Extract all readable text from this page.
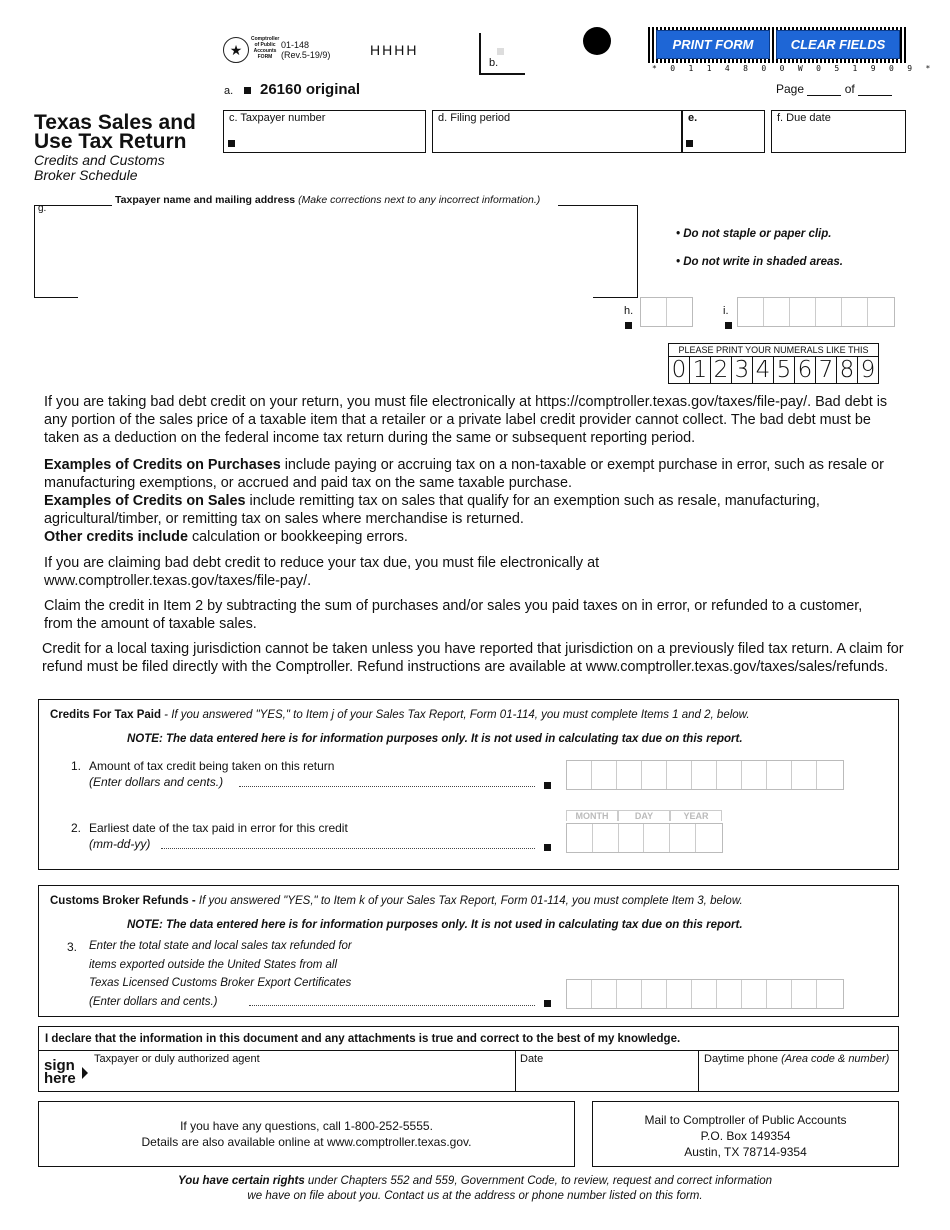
★
Comptroller of Public Accounts FORM
01-148
(Rev.5-19/9)	HHHH
b.
PRINT FORM	CLEAR FIELDS
* 0 1 1 4 8 0 0 W 0 5 1 9 0 9 *
a. 26160 original	Page	of
Texas Sales and
Use Tax Return
Credits and Customs
Broker Schedule
c. Taxpayer number	d. Filing period	e.	f. Due date
Taxpayer name and mailing address (Make corrections next to any incorrect information.)
g.
• Do not staple or paper clip.
• Do not write in shaded areas.
h.	i.
PLEASE PRINT YOUR NUMERALS LIKE THIS
0 1 2 3 4 5 6 7 8 9
If you are taking bad debt credit on your return, you must file electronically at https://comptroller.texas.gov/taxes/file-pay/. Bad debt is any portion of the sales price of a taxable item that a retailer or a private label credit provider cannot collect. The bad debt must be taken as a deduction on the federal income tax return during the same or subsequent reporting period.
Examples of Credits on Purchases include paying or accruing tax on a non-taxable or exempt purchase in error, such as resale or manufacturing exemptions, or accrued and paid tax on the same taxable purchase.
Examples of Credits on Sales include remitting tax on sales that qualify for an exemption such as resale, manufacturing, agricultural/timber, or remitting tax on sales where merchandise is returned.
Other credits include calculation or bookkeeping errors.
If you are claiming bad debt credit to reduce your tax due, you must file electronically at www.comptroller.texas.gov/taxes/file-pay/.
Claim the credit in Item 2 by subtracting the sum of purchases and/or sales you paid taxes on in error, or refunded to a customer, from the amount of taxable sales.
Credit for a local taxing jurisdiction cannot be taken unless you have reported that jurisdiction on a previously filed tax return. A claim for refund must be filed directly with the Comptroller. Refund instructions are available at www.comptroller.texas.gov/taxes/sales/refunds.
Credits For Tax Paid - If you answered "YES," to Item j of your Sales Tax Report, Form 01-114, you must complete Items 1 and 2, below.
NOTE: The data entered here is for information purposes only. It is not used in calculating tax due on this report.
1. Amount of tax credit being taken on this return
(Enter dollars and cents.)
2. Earliest date of the tax paid in error for this credit
(mm-dd-yy)
MONTH	DAY	YEAR
Customs Broker Refunds - If you answered "YES," to Item k of your Sales Tax Report, Form 01-114, you must complete Item 3, below.
NOTE: The data entered here is for information purposes only. It is not used in calculating tax due on this report.
3. Enter the total state and local sales tax refunded for
items exported outside the United States from all
Texas Licensed Customs Broker Export Certificates
(Enter dollars and cents.)
I declare that the information in this document and any attachments is true and correct to the best of my knowledge.
sign
here
Taxpayer or duly authorized agent	Date	Daytime phone (Area code & number)
If you have any questions, call 1-800-252-5555.
Details are also available online at www.comptroller.texas.gov.
Mail to Comptroller of Public Accounts
P.O. Box 149354
Austin, TX 78714-9354
You have certain rights under Chapters 552 and 559, Government Code, to review, request and correct information
we have on file about you. Contact us at the address or phone number listed on this form.
